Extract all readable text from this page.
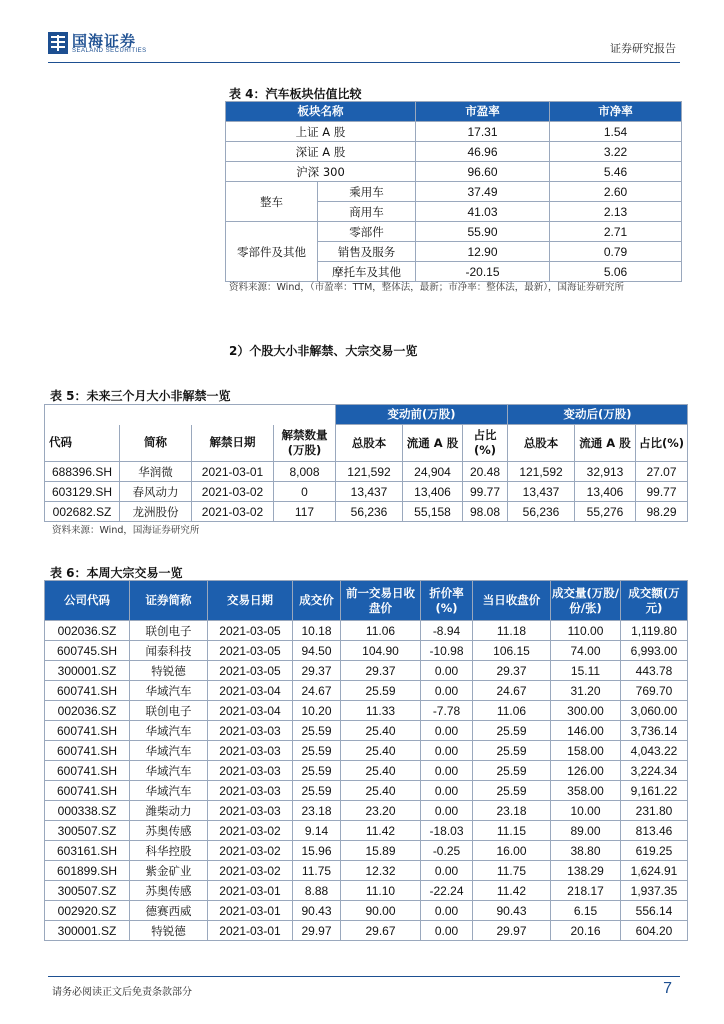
国海证券
SEALAND SECURITIES	证券研究报告
表 4：汽车板块估值比较
板块名称		市盈率	市净率
上证 A 股		17.31	1.54
深证 A 股		46.96	3.22
沪深 300		96.60	5.46
整车	乘用车	37.49	2.60
	商用车	41.03	2.13
零部件及其他	零部件	55.90	2.71
	销售及服务	12.90	0.79
	摩托车及其他	-20.15	5.06
资料来源：Wind，（市盈率：TTM，整体法，最新；市净率：整体法，最新），国海证券研究所
2）个股大小非解禁、大宗交易一览
表 5：未来三个月大小非解禁一览
				变动前(万股)			变动后(万股)		
代码	简称	解禁日期	解禁数量(万股)	总股本	流通 A 股	占比(%)	总股本	流通 A 股	占比(%)
688396.SH	华润微	2021-03-01	8,008	121,592	24,904	20.48	121,592	32,913	27.07
603129.SH	春风动力	2021-03-02	0	13,437	13,406	99.77	13,437	13,406	99.77
002682.SZ	龙洲股份	2021-03-02	117	56,236	55,158	98.08	56,236	55,276	98.29
资料来源：Wind，国海证券研究所
表 6：本周大宗交易一览
公司代码	证券简称	交易日期	成交价	前一交易日收盘价	折价率(%)	当日收盘价	成交量(万股/份/张)	成交额(万元)
002036.SZ	联创电子	2021-03-05	10.18	11.06	-8.94	11.18	110.00	1,119.80
600745.SH	闻泰科技	2021-03-05	94.50	104.90	-10.98	106.15	74.00	6,993.00
300001.SZ	特锐德	2021-03-05	29.37	29.37	0.00	29.37	15.11	443.78
600741.SH	华域汽车	2021-03-04	24.67	25.59	0.00	24.67	31.20	769.70
002036.SZ	联创电子	2021-03-04	10.20	11.33	-7.78	11.06	300.00	3,060.00
600741.SH	华域汽车	2021-03-03	25.59	25.40	0.00	25.59	146.00	3,736.14
600741.SH	华域汽车	2021-03-03	25.59	25.40	0.00	25.59	158.00	4,043.22
600741.SH	华域汽车	2021-03-03	25.59	25.40	0.00	25.59	126.00	3,224.34
600741.SH	华域汽车	2021-03-03	25.59	25.40	0.00	25.59	358.00	9,161.22
000338.SZ	潍柴动力	2021-03-03	23.18	23.20	0.00	23.18	10.00	231.80
300507.SZ	苏奥传感	2021-03-02	9.14	11.42	-18.03	11.15	89.00	813.46
603161.SH	科华控股	2021-03-02	15.96	15.89	-0.25	16.00	38.80	619.25
601899.SH	紫金矿业	2021-03-02	11.75	12.32	0.00	11.75	138.29	1,624.91
300507.SZ	苏奥传感	2021-03-01	8.88	11.10	-22.24	11.42	218.17	1,937.35
002920.SZ	德赛西威	2021-03-01	90.43	90.00	0.00	90.43	6.15	556.14
300001.SZ	特锐德	2021-03-01	29.97	29.67	0.00	29.97	20.16	604.20
请务必阅读正文后免责条款部分	7
